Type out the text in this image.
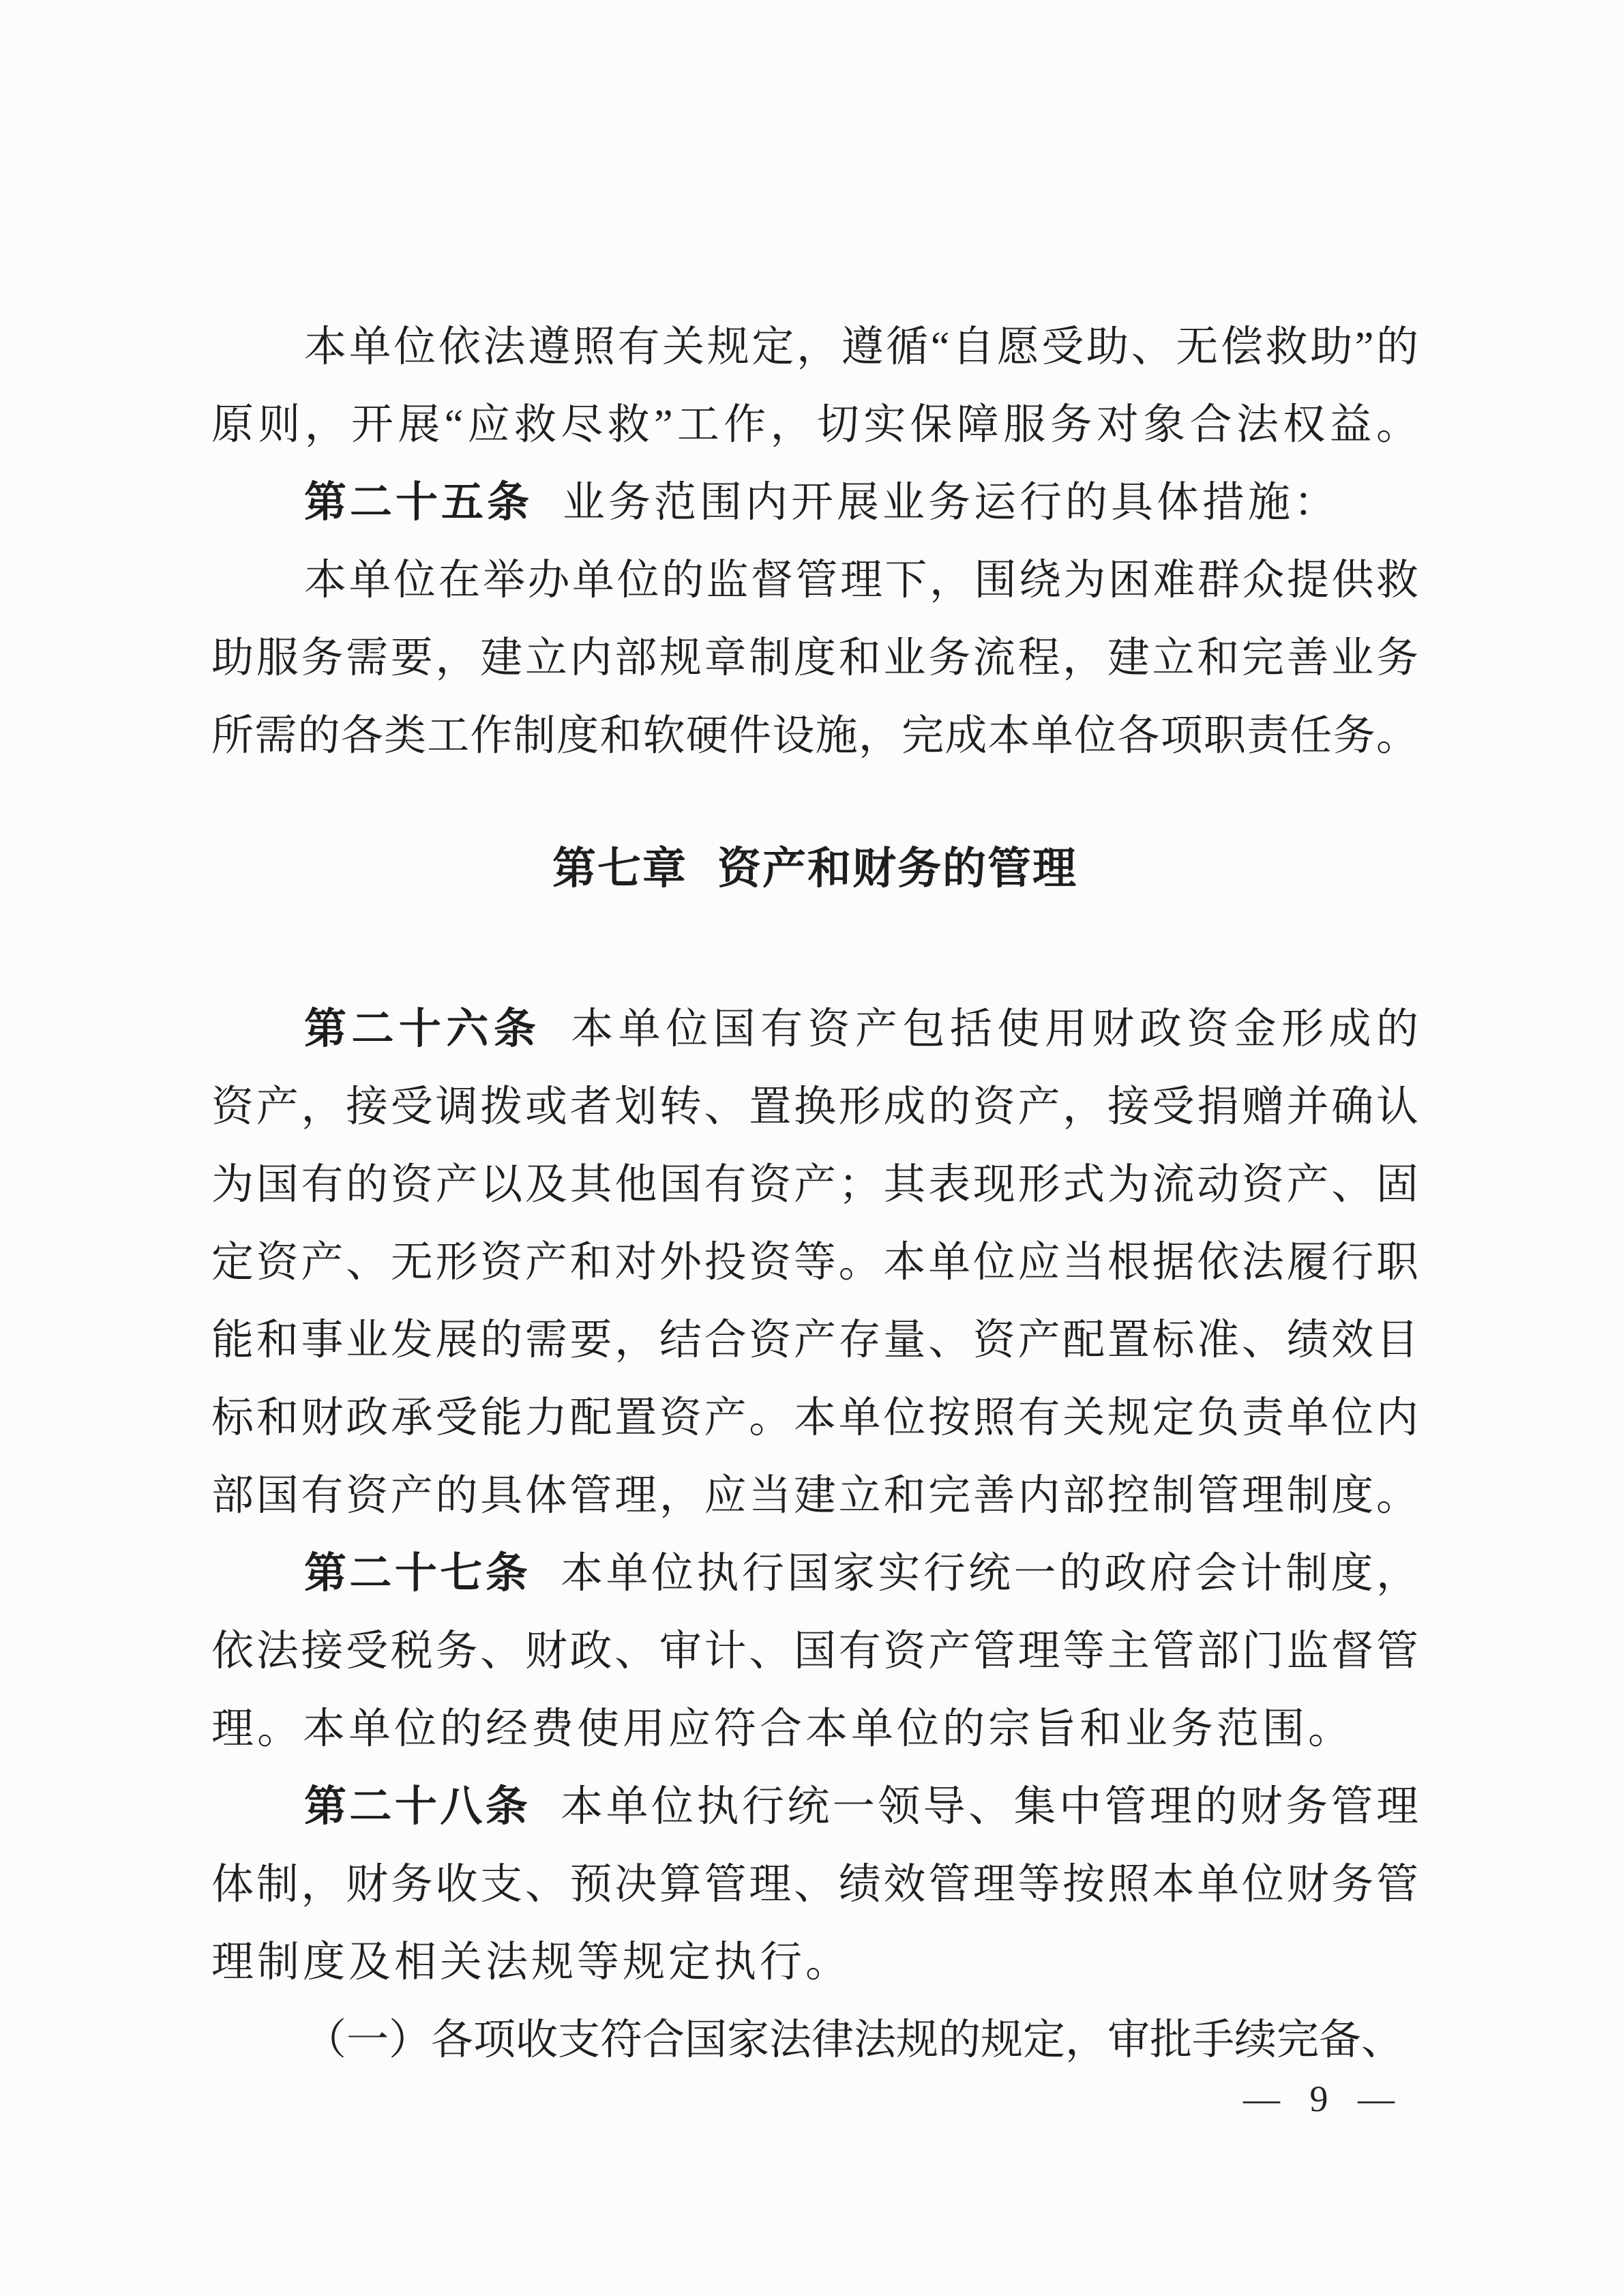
本单位依法遵照有关规定，遵循“自愿受助、无偿救助”的
原则，开展“应救尽救”工作，切实保障服务对象合法权益。
第二十五条 业务范围内开展业务运行的具体措施：
本单位在举办单位的监督管理下，围绕为困难群众提供救
助服务需要，建立内部规章制度和业务流程，建立和完善业务
所需的各类工作制度和软硬件设施，完成本单位各项职责任务。
第七章 资产和财务的管理
第二十六条 本单位国有资产包括使用财政资金形成的
资产，接受调拨或者划转、置换形成的资产，接受捐赠并确认
为国有的资产以及其他国有资产；其表现形式为流动资产、固
定资产、无形资产和对外投资等。本单位应当根据依法履行职
能和事业发展的需要，结合资产存量、资产配置标准、绩效目
标和财政承受能力配置资产。本单位按照有关规定负责单位内
部国有资产的具体管理，应当建立和完善内部控制管理制度。
第二十七条 本单位执行国家实行统一的政府会计制度，
依法接受税务、财政、审计、国有资产管理等主管部门监督管
理。本单位的经费使用应符合本单位的宗旨和业务范围。
第二十八条 本单位执行统一领导、集中管理的财务管理
体制，财务收支、预决算管理、绩效管理等按照本单位财务管
理制度及相关法规等规定执行。
（一）各项收支符合国家法律法规的规定，审批手续完备、
— 9 —
